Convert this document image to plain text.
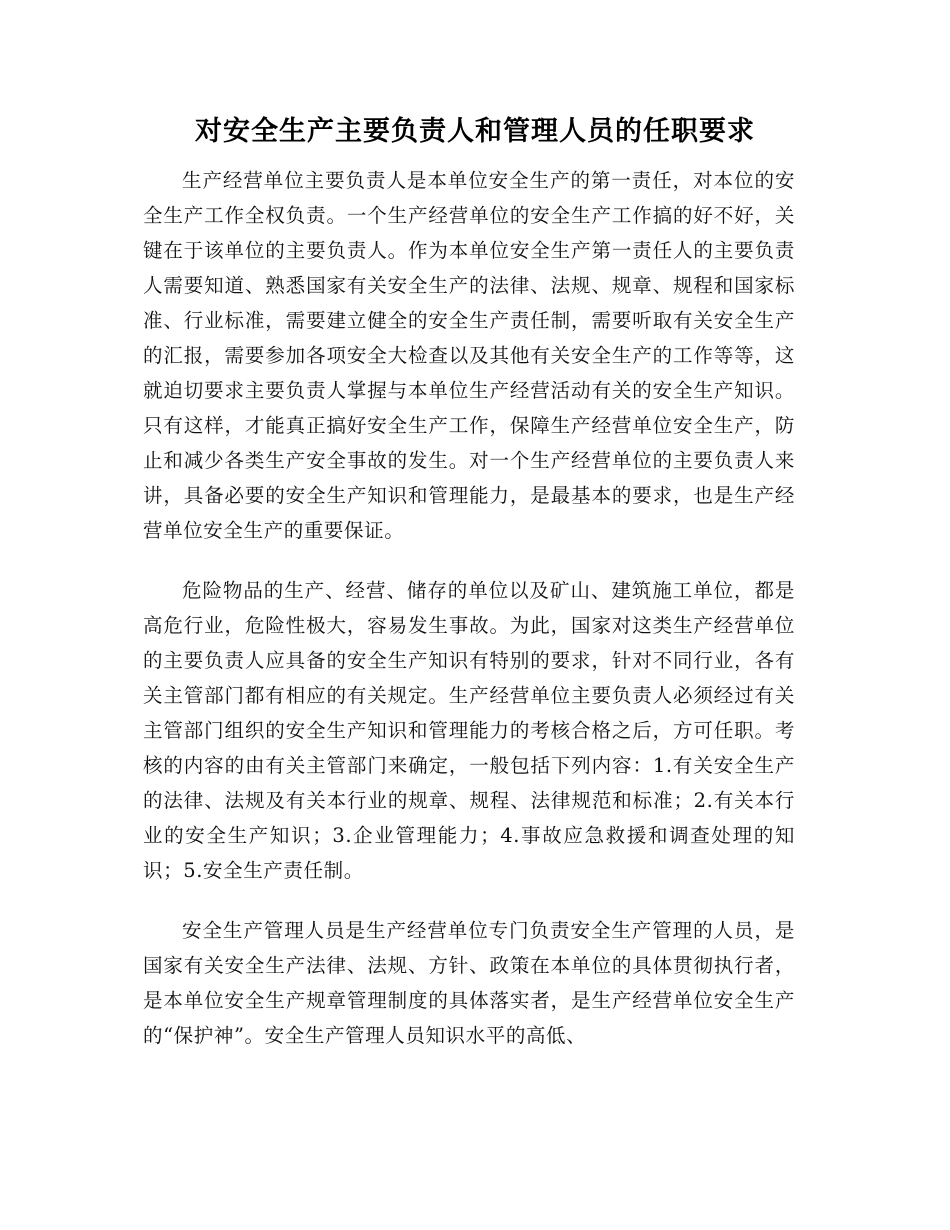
对安全生产主要负责人和管理人员的任职要求

生产经营单位主要负责人是本单位安全生产的第一责任，对本位的安全生产工作全权负责。一个生产经营单位的安全生产工作搞的好不好，关键在于该单位的主要负责人。作为本单位安全生产第一责任人的主要负责人需要知道、熟悉国家有关安全生产的法律、法规、规章、规程和国家标准、行业标准，需要建立健全的安全生产责任制，需要听取有关安全生产的汇报，需要参加各项安全大检查以及其他有关安全生产的工作等等，这就迫切要求主要负责人掌握与本单位生产经营活动有关的安全生产知识。只有这样，才能真正搞好安全生产工作，保障生产经营单位安全生产，防止和减少各类生产安全事故的发生。对一个生产经营单位的主要负责人来讲，具备必要的安全生产知识和管理能力，是最基本的要求，也是生产经营单位安全生产的重要保证。

危险物品的生产、经营、储存的单位以及矿山、建筑施工单位，都是高危行业，危险性极大，容易发生事故。为此，国家对这类生产经营单位的主要负责人应具备的安全生产知识有特别的要求，针对不同行业，各有关主管部门都有相应的有关规定。生产经营单位主要负责人必须经过有关主管部门组织的安全生产知识和管理能力的考核合格之后，方可任职。考核的内容的由有关主管部门来确定，一般包括下列内容：1.有关安全生产的法律、法规及有关本行业的规章、规程、法律规范和标准；2.有关本行业的安全生产知识；3.企业管理能力；4.事故应急救援和调查处理的知识；5.安全生产责任制。

安全生产管理人员是生产经营单位专门负责安全生产管理的人员，是国家有关安全生产法律、法规、方针、政策在本单位的具体贯彻执行者，是本单位安全生产规章管理制度的具体落实者，是生产经营单位安全生产的“保护神”。安全生产管理人员知识水平的高低、
